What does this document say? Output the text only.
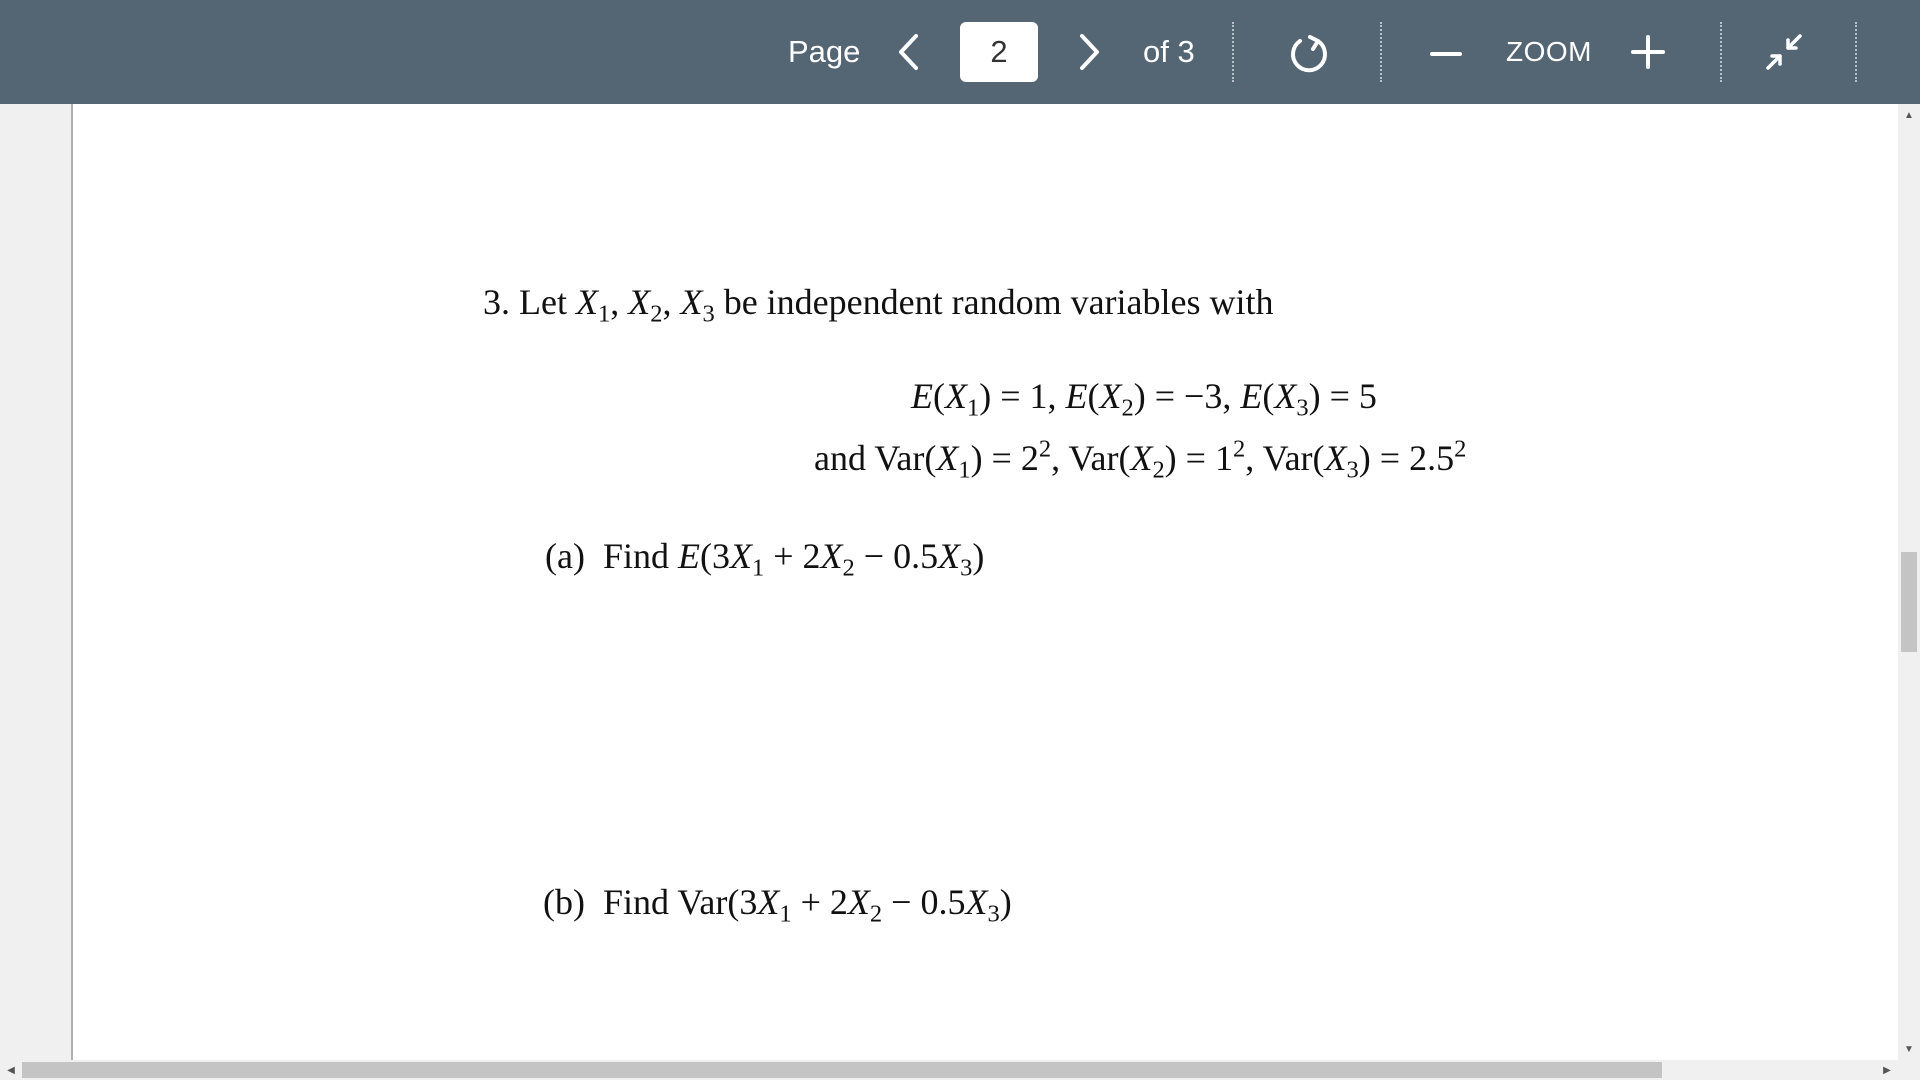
Page
2	of 3	ZOOM
3. Let $X_1$, $X_2$, $X_3$ be independent random variables with
$E(X_1) = 1$, $E(X_2) = -3$, $E(X_3) = 5$
and $Var(X_1) = 2^2$, $Var(X_2) = 1^2$, $Var(X_3) = 2.5^2$
(a) Find $E(3X_1 + 2X_2 - 0.5X_3)$
(b) Find $Var(3X_1 + 2X_2 - 0.5X_3)$
▲
▼
◀	▶
